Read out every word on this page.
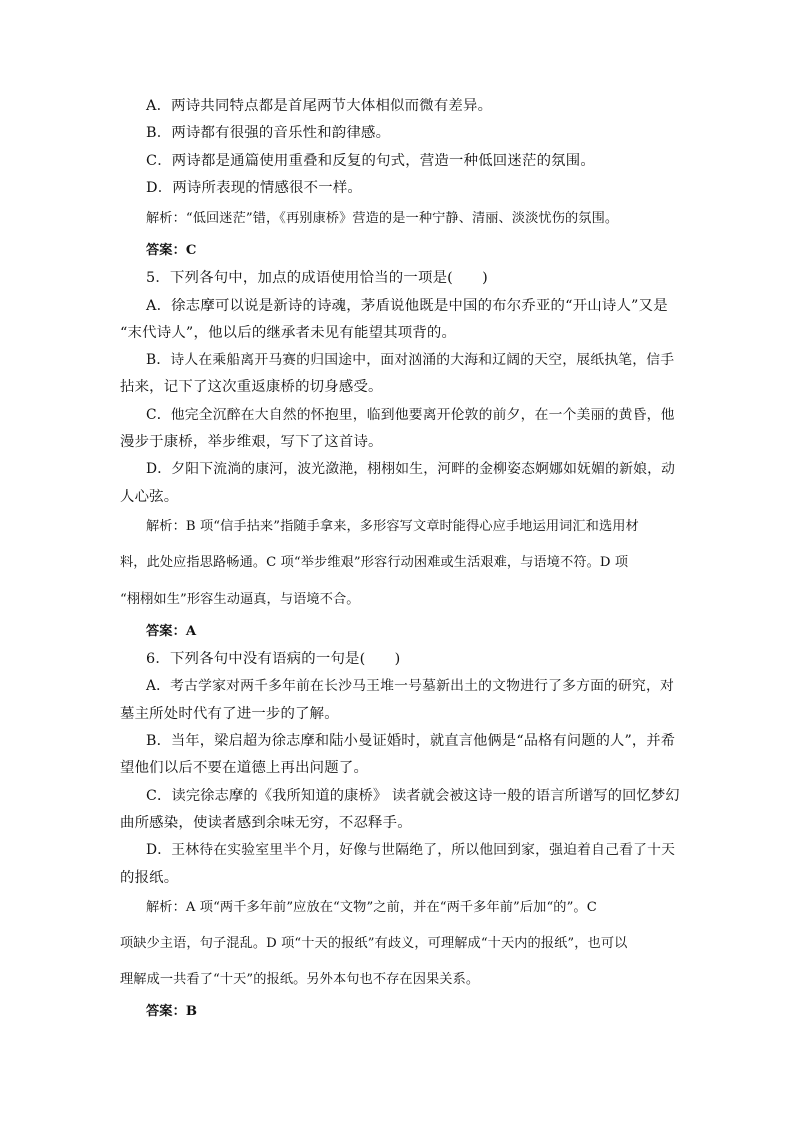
A．两诗共同特点都是首尾两节大体相似而微有差异。
B．两诗都有很强的音乐性和韵律感。
C．两诗都是通篇使用重叠和反复的句式，营造一种低回迷茫的氛围。
D．两诗所表现的情感很不一样。
解析：“低回迷茫”错，《再别康桥》营造的是一种宁静、清丽、淡淡忧伤的氛围。
答案：C
5．下列各句中，加点的成语使用恰当的一项是(　　)
A．徐志摩可以说是新诗的诗魂，茅盾说他既是中国的布尔乔亚的“开山诗人”又是
“末代诗人”，他以后的继承者未见有能望其项背的。
B．诗人在乘船离开马赛的归国途中，面对汹涌的大海和辽阔的天空，展纸执笔，信手
拈来，记下了这次重返康桥的切身感受。
C．他完全沉醉在大自然的怀抱里，临到他要离开伦敦的前夕，在一个美丽的黄昏，他
漫步于康桥，举步维艰，写下了这首诗。
D．夕阳下流淌的康河，波光潋滟，栩栩如生，河畔的金柳姿态婀娜如妩媚的新娘，动
人心弦。
解析：B 项“信手拈来”指随手拿来，多形容写文章时能得心应手地运用词汇和选用材
料，此处应指思路畅通。C 项“举步维艰”形容行动困难或生活艰难，与语境不符。D 项
“栩栩如生”形容生动逼真，与语境不合。
答案：A
6．下列各句中没有语病的一句是(　　)
A．考古学家对两千多年前在长沙马王堆一号墓新出土的文物进行了多方面的研究，对
墓主所处时代有了进一步的了解。
B．当年，梁启超为徐志摩和陆小曼证婚时，就直言他俩是“品格有问题的人”，并希
望他们以后不要在道德上再出问题了。
C．读完徐志摩的《我所知道的康桥》 读者就会被这诗一般的语言所谱写的回忆梦幻
曲所感染，使读者感到余味无穷，不忍释手。
D．王林待在实验室里半个月，好像与世隔绝了，所以他回到家，强迫着自己看了十天
的报纸。
解析：A 项“两千多年前”应放在“文物”之前，并在“两千多年前”后加“的”。C
项缺少主语，句子混乱。D 项“十天的报纸”有歧义，可理解成“十天内的报纸”，也可以
理解成一共看了“十天”的报纸。另外本句也不存在因果关系。
答案：B
